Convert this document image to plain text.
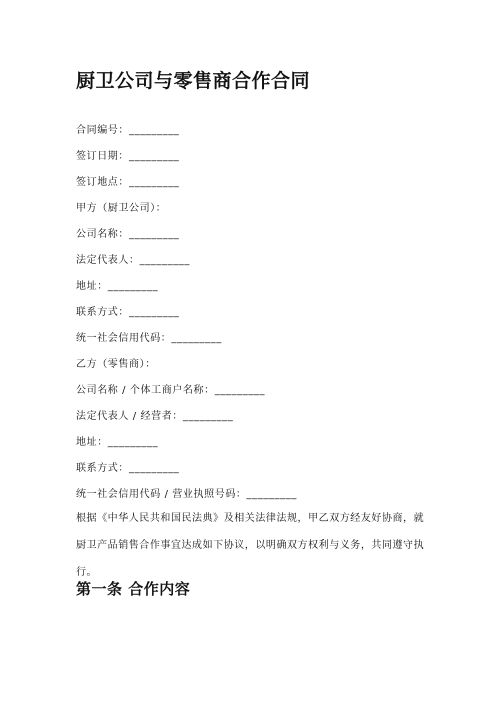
厨卫公司与零售商合作合同
合同编号：_________
签订日期：_________
签订地点：_________
甲方（厨卫公司）：
公司名称：_________
法定代表人：_________
地址：_________
联系方式：_________
统一社会信用代码：_________
乙方（零售商）：
公司名称 / 个体工商户名称：_________
法定代表人 / 经营者：_________
地址：_________
联系方式：_________
统一社会信用代码 / 营业执照号码：_________
根据《中华人民共和国民法典》及相关法律法规，甲乙双方经友好协商，就厨卫产品销售合作事宜达成如下协议，以明确双方权利与义务，共同遵守执行。
第一条 合作内容
